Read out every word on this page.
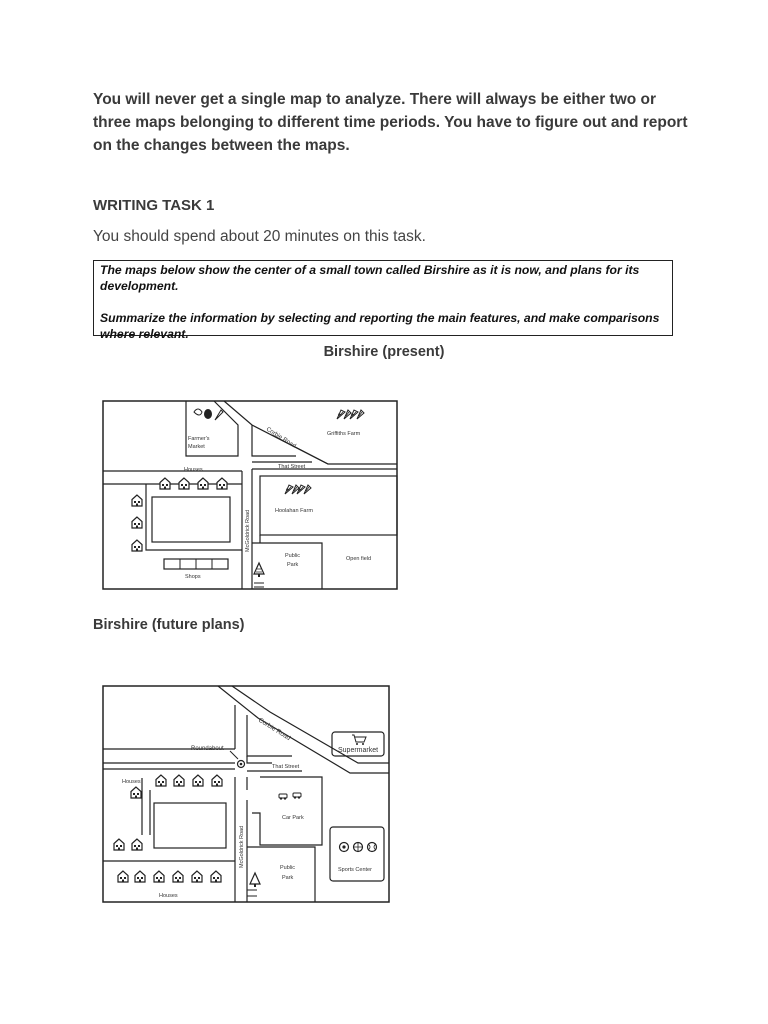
You will never get a single map to analyze. There will always be either two or three maps belonging to different time periods. You have to figure out and report on the changes between the maps.
WRITING TASK 1
You should spend about 20 minutes on this task.

The maps below show the center of a small town called Birshire as it is now, and plans for its development.

Summarize the information by selecting and reporting the main features, and make comparisons where relevant.

Birshire (present)
Farmer's
Market	Corbie Road	Griffiths Farm
Houses	That Street
Hoolahan Farm
McGoldrick Road
Public
Park
Open field
Shops
Birshire (future plans)
Corbie Road
Supermarket
Roundabout
That Street
Houses
Car Park
McGoldrick Road	Public
Park
Sports Center
Houses
